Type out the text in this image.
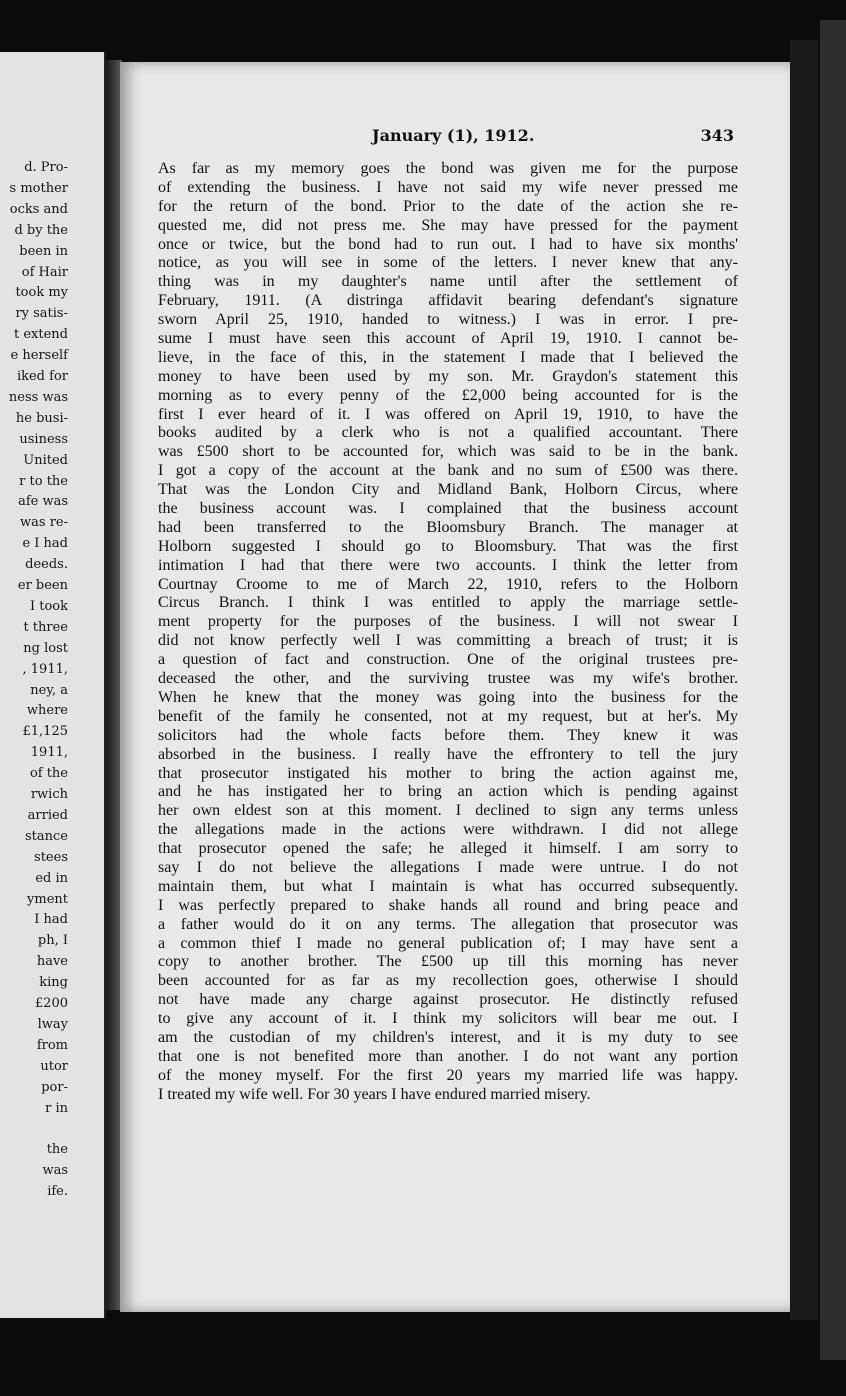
d. Pro-
s mother
ocks and
d by the
been in
of Hair
took my
ry satis-
t extend
e herself
iked for
ness was
he busi-
usiness
United
r to the
afe was
was re-
e I had
deeds.
er been
I took
t three
ng lost
, 1911,
ney, a
where
£1,125
1911,
of the
rwich
arried
stance
stees
ed in
yment
I had
ph, I
have
king
£200
lway
from
utor
por-
r in
the
was
ife.
January (1), 1912.	343
As far as my memory goes the bond was given me for the purpose
of extending the business. I have not said my wife never pressed me
for the return of the bond. Prior to the date of the action she re-
quested me, did not press me. She may have pressed for the payment
once or twice, but the bond had to run out. I had to have six months'
notice, as you will see in some of the letters. I never knew that any-
thing was in my daughter's name until after the settlement of
February, 1911. (A distringa affidavit bearing defendant's signature
sworn April 25, 1910, handed to witness.) I was in error. I pre-
sume I must have seen this account of April 19, 1910. I cannot be-
lieve, in the face of this, in the statement I made that I believed the
money to have been used by my son. Mr. Graydon's statement this
morning as to every penny of the £2,000 being accounted for is the
first I ever heard of it. I was offered on April 19, 1910, to have the
books audited by a clerk who is not a qualified accountant. There
was £500 short to be accounted for, which was said to be in the bank.
I got a copy of the account at the bank and no sum of £500 was there.
That was the London City and Midland Bank, Holborn Circus, where
the business account was. I complained that the business account
had been transferred to the Bloomsbury Branch. The manager at
Holborn suggested I should go to Bloomsbury. That was the first
intimation I had that there were two accounts. I think the letter from
Courtnay Croome to me of March 22, 1910, refers to the Holborn
Circus Branch. I think I was entitled to apply the marriage settle-
ment property for the purposes of the business. I will not swear I
did not know perfectly well I was committing a breach of trust; it is
a question of fact and construction. One of the original trustees pre-
deceased the other, and the surviving trustee was my wife's brother.
When he knew that the money was going into the business for the
benefit of the family he consented, not at my request, but at her's. My
solicitors had the whole facts before them. They knew it was
absorbed in the business. I really have the effrontery to tell the jury
that prosecutor instigated his mother to bring the action against me,
and he has instigated her to bring an action which is pending against
her own eldest son at this moment. I declined to sign any terms unless
the allegations made in the actions were withdrawn. I did not allege
that prosecutor opened the safe; he alleged it himself. I am sorry to
say I do not believe the allegations I made were untrue. I do not
maintain them, but what I maintain is what has occurred subsequently.
I was perfectly prepared to shake hands all round and bring peace and
a father would do it on any terms. The allegation that prosecutor was
a common thief I made no general publication of; I may have sent a
copy to another brother. The £500 up till this morning has never
been accounted for as far as my recollection goes, otherwise I should
not have made any charge against prosecutor. He distinctly refused
to give any account of it. I think my solicitors will bear me out. I
am the custodian of my children's interest, and it is my duty to see
that one is not benefited more than another. I do not want any portion
of the money myself. For the first 20 years my married life was happy.
I treated my wife well. For 30 years I have endured married misery.
